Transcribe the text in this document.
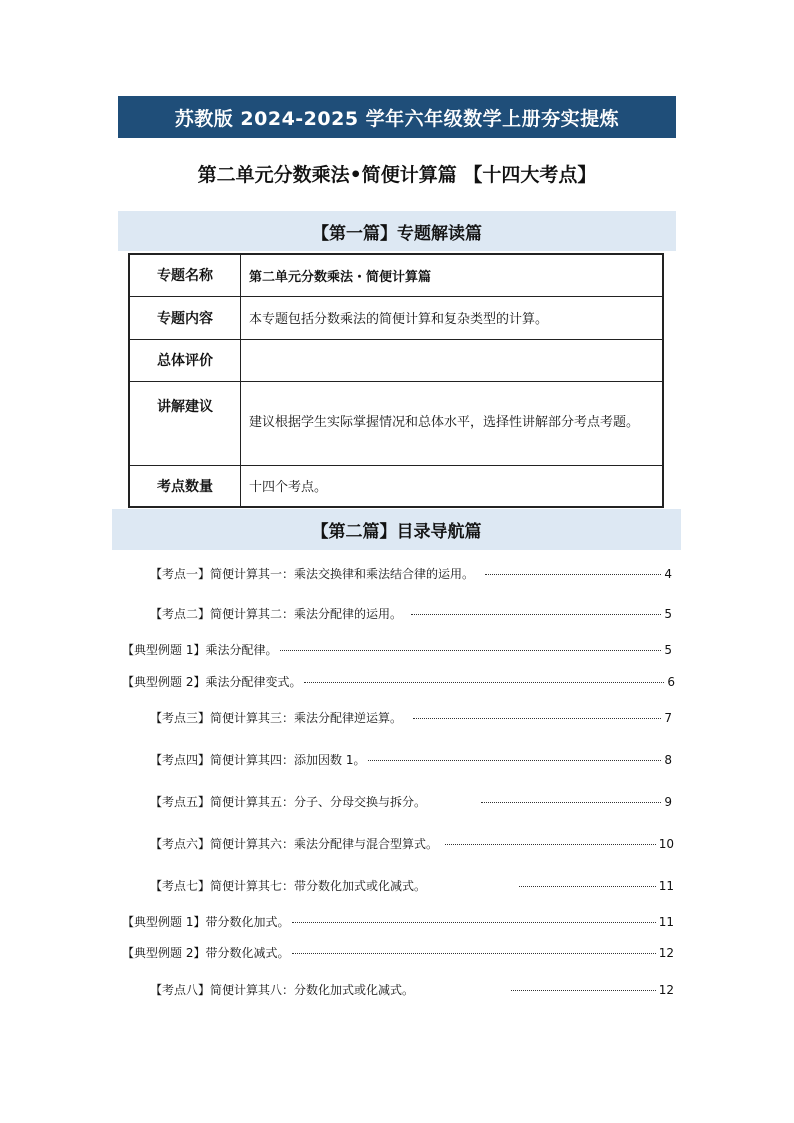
苏教版 2024-2025 学年六年级数学上册夯实提炼
第二单元分数乘法•简便计算篇 【十四大考点】
【第一篇】专题解读篇
专题名称	第二单元分数乘法・简便计算篇
专题内容	本专题包括分数乘法的简便计算和复杂类型的计算。
总体评价	
讲解建议	建议根据学生实际掌握情况和总体水平，选择性讲解部分考点考题。
考点数量	十四个考点。
【第二篇】目录导航篇
【考点一】简便计算其一：乘法交换律和乘法结合律的运用。	4
【考点二】简便计算其二：乘法分配律的运用。	5
【典型例题 1】乘法分配律。	5
【典型例题 2】乘法分配律变式。	6
【考点三】简便计算其三：乘法分配律逆运算。	7
【考点四】简便计算其四：添加因数 1。	8
【考点五】简便计算其五：分子、分母交换与拆分。	9
【考点六】简便计算其六：乘法分配律与混合型算式。	10
【考点七】简便计算其七：带分数化加式或化减式。	11
【典型例题 1】带分数化加式。	11
【典型例题 2】带分数化减式。	12
【考点八】简便计算其八：分数化加式或化减式。	12
